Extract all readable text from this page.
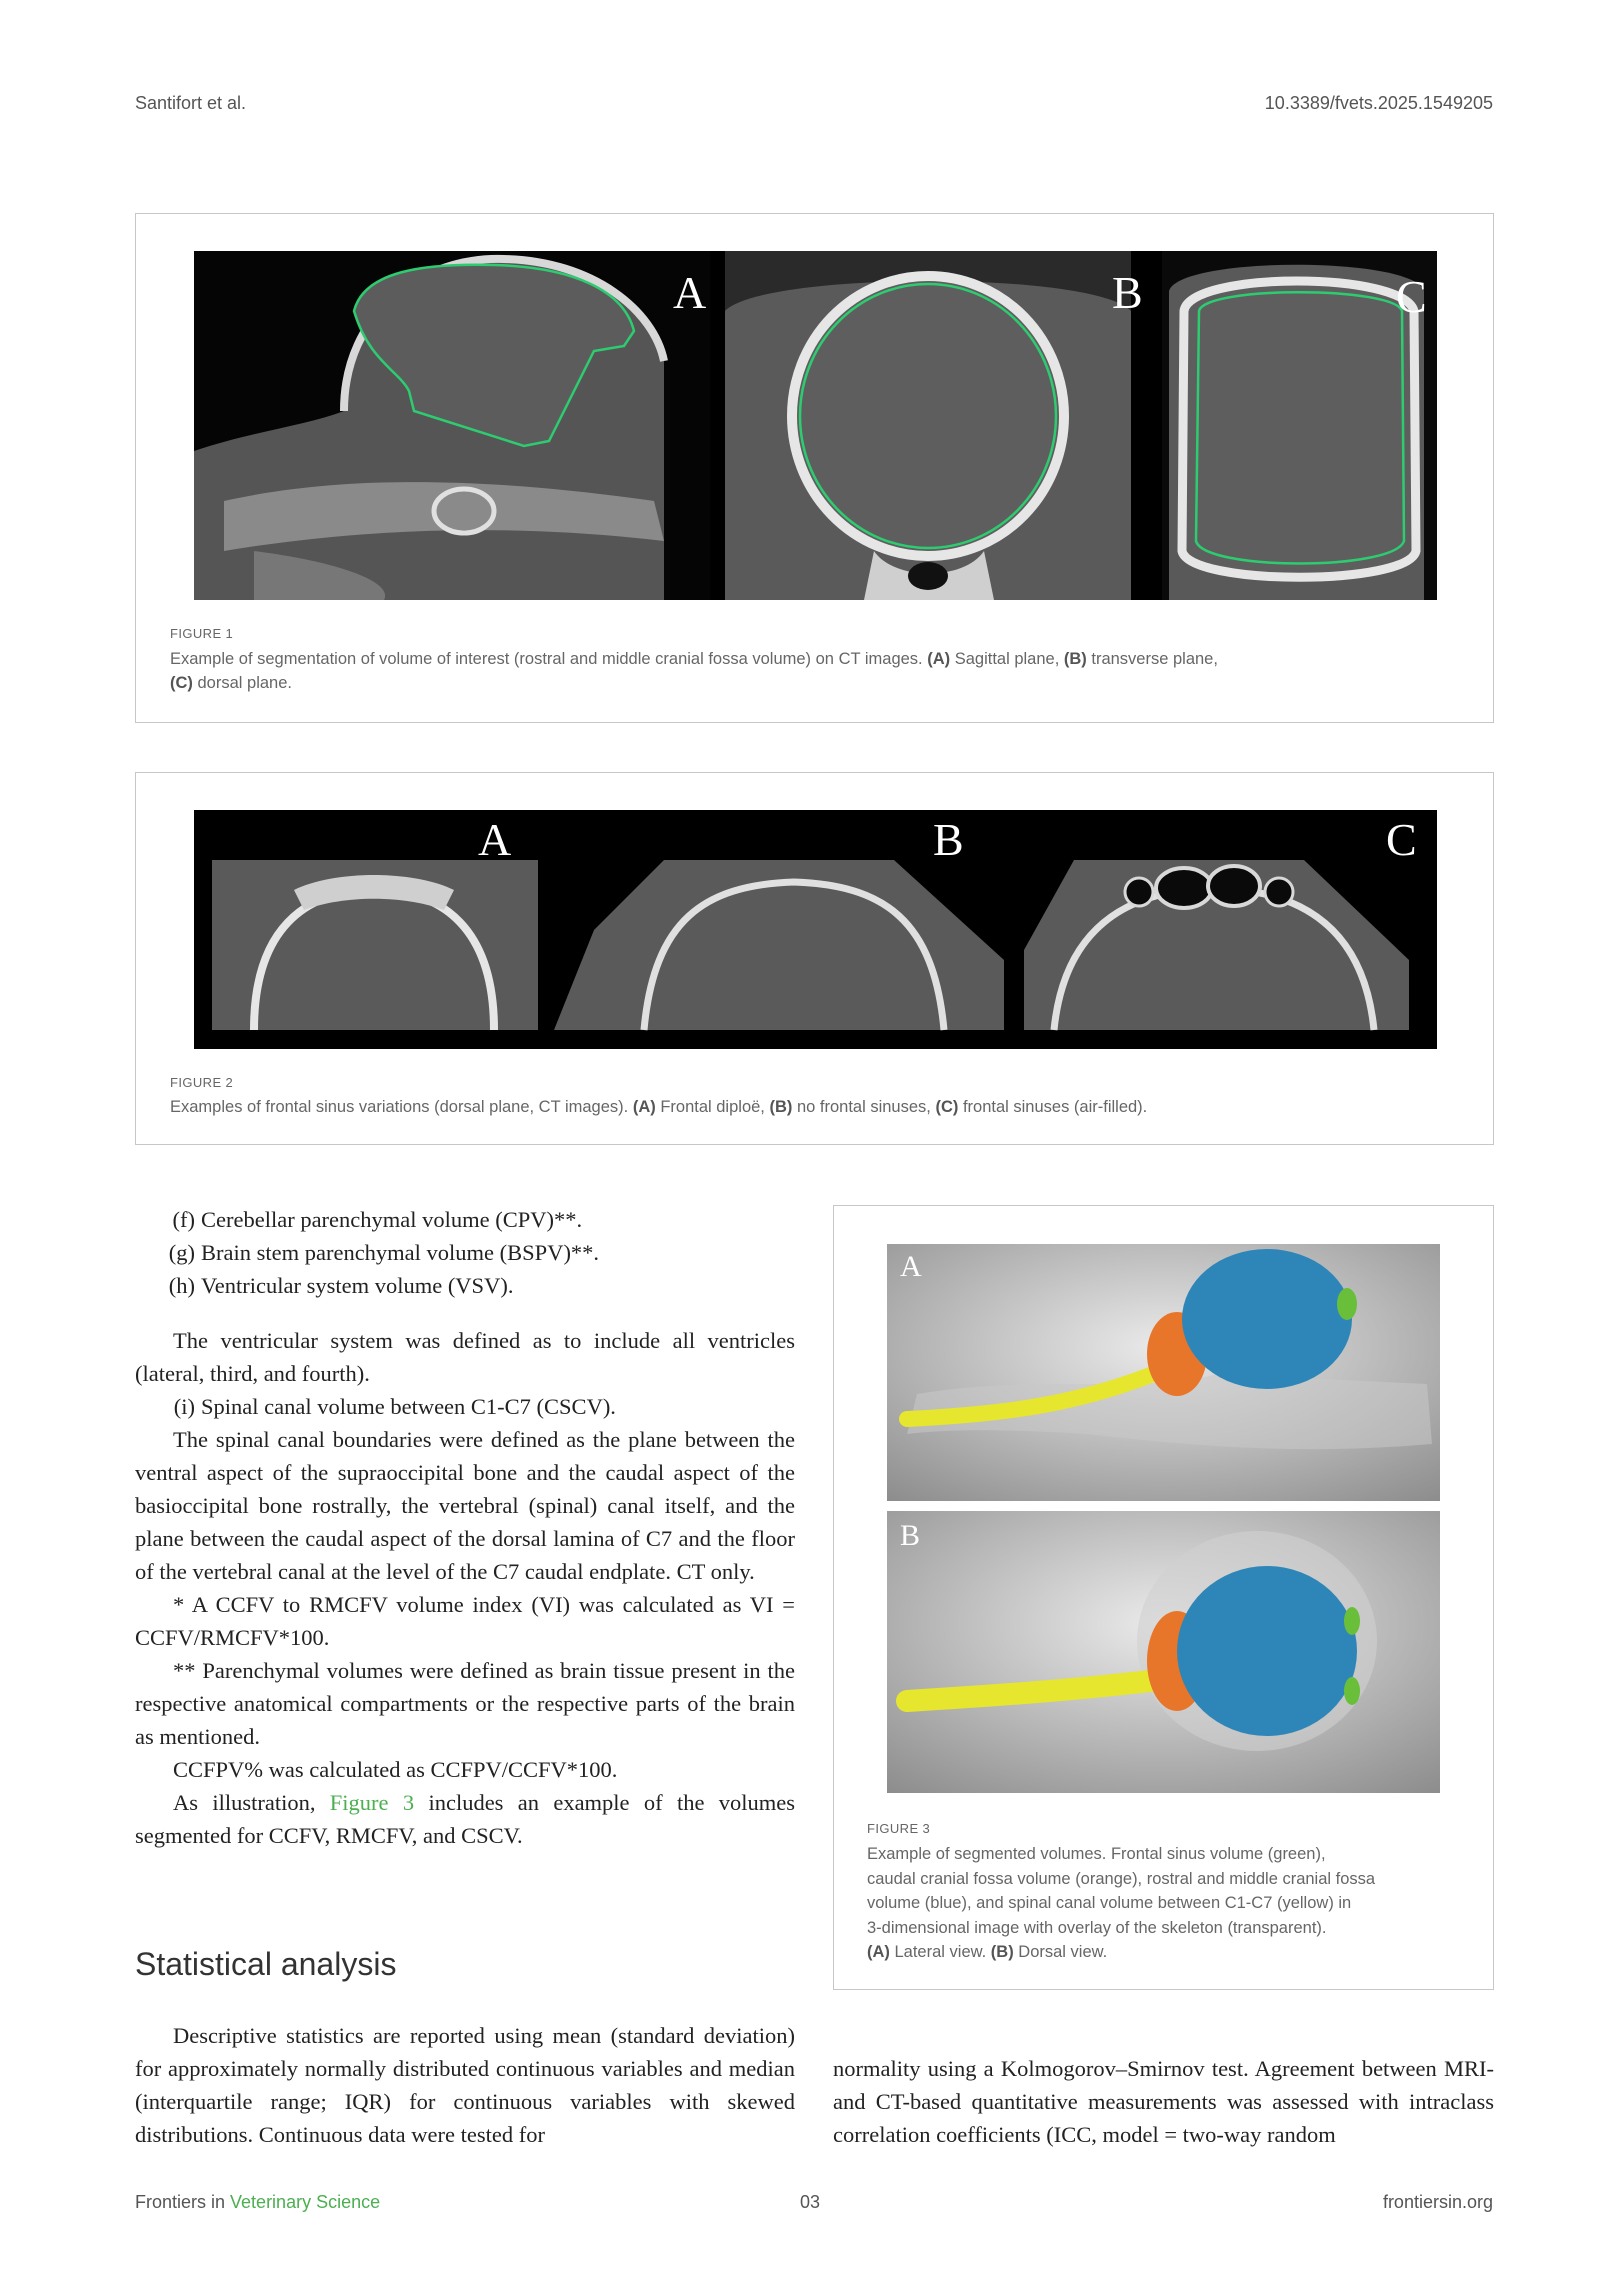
Santifort et al.	10.3389/fvets.2025.1549205
A	B	C
FIGURE 1
Example of segmentation of volume of interest (rostral and middle cranial fossa volume) on CT images. (A) Sagittal plane, (B) transverse plane,
(C) dorsal plane.
A	B	C
FIGURE 2
Examples of frontal sinus variations (dorsal plane, CT images). (A) Frontal diploë, (B) no frontal sinuses, (C) frontal sinuses (air-filled).
A
B
FIGURE 3
Example of segmented volumes. Frontal sinus volume (green),
caudal cranial fossa volume (orange), rostral and middle cranial fossa
volume (blue), and spinal canal volume between C1-C7 (yellow) in
3-dimensional image with overlay of the skeleton (transparent).
(A) Lateral view. (B) Dorsal view.
(f) Cerebellar parenchymal volume (CPV)**.
(g) Brain stem parenchymal volume (BSPV)**.
(h) Ventricular system volume (VSV).
The ventricular system was defined as to include all ventricles (lateral, third, and fourth).
(i) Spinal canal volume between C1-C7 (CSCV).
The spinal canal boundaries were defined as the plane between the ventral aspect of the supraoccipital bone and the caudal aspect of the basioccipital bone rostrally, the vertebral (spinal) canal itself, and the plane between the caudal aspect of the dorsal lamina of C7 and the floor of the vertebral canal at the level of the C7 caudal endplate. CT only.
* A CCFV to RMCFV volume index (VI) was calculated as VI = CCFV/RMCFV*100.
** Parenchymal volumes were defined as brain tissue present in the respective anatomical compartments or the respective parts of the brain as mentioned.
CCFPV% was calculated as CCFPV/CCFV*100.
As illustration, Figure 3 includes an example of the volumes segmented for CCFV, RMCFV, and CSCV.
Statistical analysis
Descriptive statistics are reported using mean (standard deviation) for approximately normally distributed continuous variables and median (interquartile range; IQR) for continuous variables with skewed distributions. Continuous data were tested for
normality using a Kolmogorov–Smirnov test. Agreement between MRI- and CT-based quantitative measurements was assessed with intraclass correlation coefficients (ICC, model = two-way random
Frontiers in Veterinary Science	03	frontiersin.org
